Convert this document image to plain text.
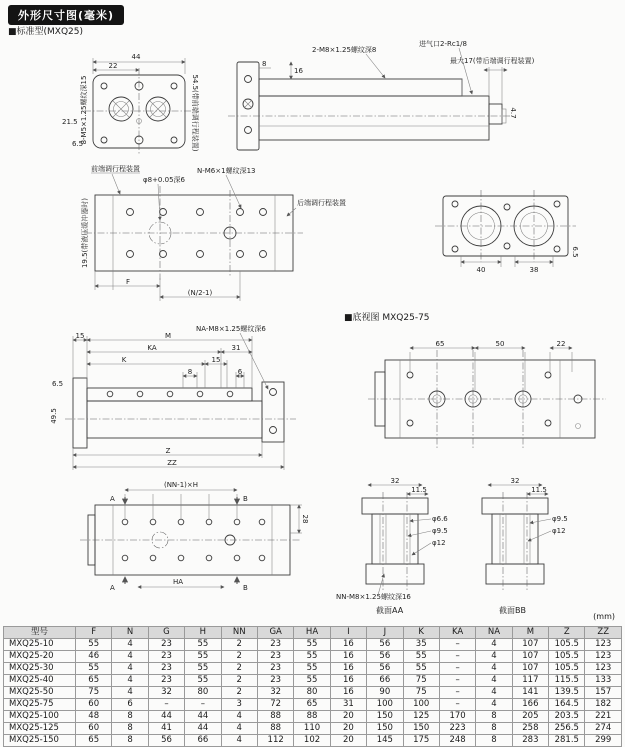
外形尺寸图(毫米)
■标准型(MXQ25)
■底视图 MXQ25-75
(mm)
44
22
21.5
6.5
8-M5×1.25螺纹深15	54.5(带前端调行程装置)
16
8
2-M8×1.25螺纹深8
进气口2-Rc1/8
最大17(带后端调行程装置)
4.7
前端调行程装置
φ8+0.05深6
N-M6×1螺纹深13
后端调行程装置
19.5(带液压缓冲器时)
F
(N/2-1)
40	38
6.5
15	M
NA-M8×1.25螺纹深6
KA	31
K	15
8	6
6.5
49.5
Z
ZZ
65	50	22
(NN-1)×H
A	B
A	B
HA
28
32
11.5
φ6.6
φ9.5
φ12
NN-M8×1.25螺纹深16
截面AA
32
11.5
φ9.5
φ12
截面BB
型号	F	N	G	H	NN	GA	HA	I	J	K	KA	NA	M	Z	ZZ
MXQ25-10	55	4	23	55	2	23	55	16	56	35	–	4	107	105.5	123
MXQ25-20	46	4	23	55	2	23	55	16	56	55	–	4	107	105.5	123
MXQ25-30	55	4	23	55	2	23	55	16	56	55	–	4	107	105.5	123
MXQ25-40	65	4	23	55	2	23	55	16	66	75	–	4	117	115.5	133
MXQ25-50	75	4	32	80	2	32	80	16	90	75	–	4	141	139.5	157
MXQ25-75	60	6	–	–	3	72	65	31	100	100	–	4	166	164.5	182
MXQ25-100	48	8	44	44	4	88	88	20	150	125	170	8	205	203.5	221
MXQ25-125	60	8	41	44	4	88	110	20	150	150	223	8	258	256.5	274
MXQ25-150	65	8	56	66	4	112	102	20	145	175	248	8	283	281.5	299
